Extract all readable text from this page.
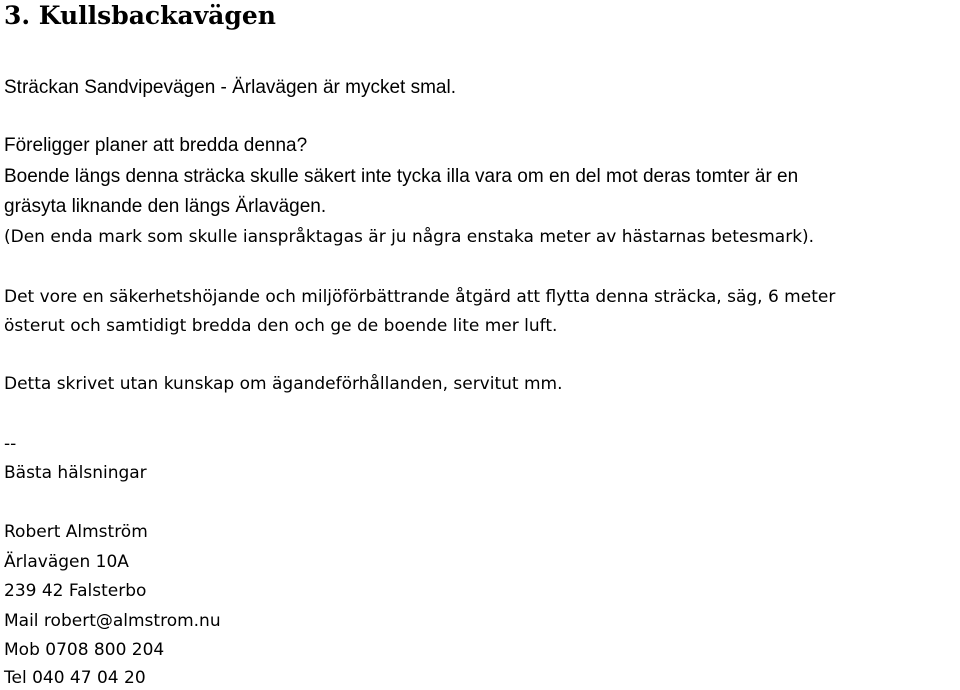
3. Kullsbackavägen
Sträckan Sandvipevägen - Ärlavägen är mycket smal.
Föreligger planer att bredda denna?
Boende längs denna sträcka skulle säkert inte tycka illa vara om en del mot deras tomter är en
gräsyta liknande den längs Ärlavägen.
(Den enda mark som skulle ianspråktagas är ju några enstaka meter av hästarnas betesmark).
Det vore en säkerhetshöjande och miljöförbättrande åtgärd att flytta denna sträcka, säg, 6 meter
österut och samtidigt bredda den och ge de boende lite mer luft.
Detta skrivet utan kunskap om ägandeförhållanden, servitut mm.
--
Bästa hälsningar
Robert Almström
Ärlavägen 10A
239 42 Falsterbo
Mail robert@almstrom.nu
Mob 0708 800 204
Tel 040 47 04 20
